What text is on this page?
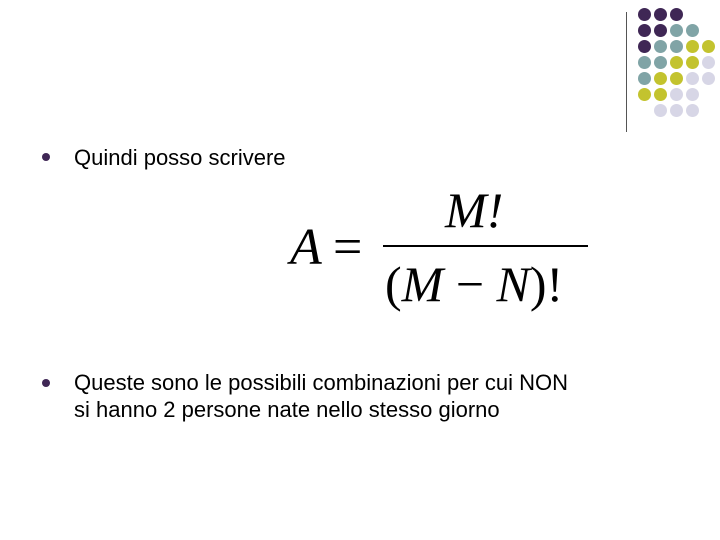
Quindi posso scrivere
A =
M!
(M − N)!
Queste sono le possibili combinazioni per cui NON
si hanno 2 persone nate nello stesso giorno
